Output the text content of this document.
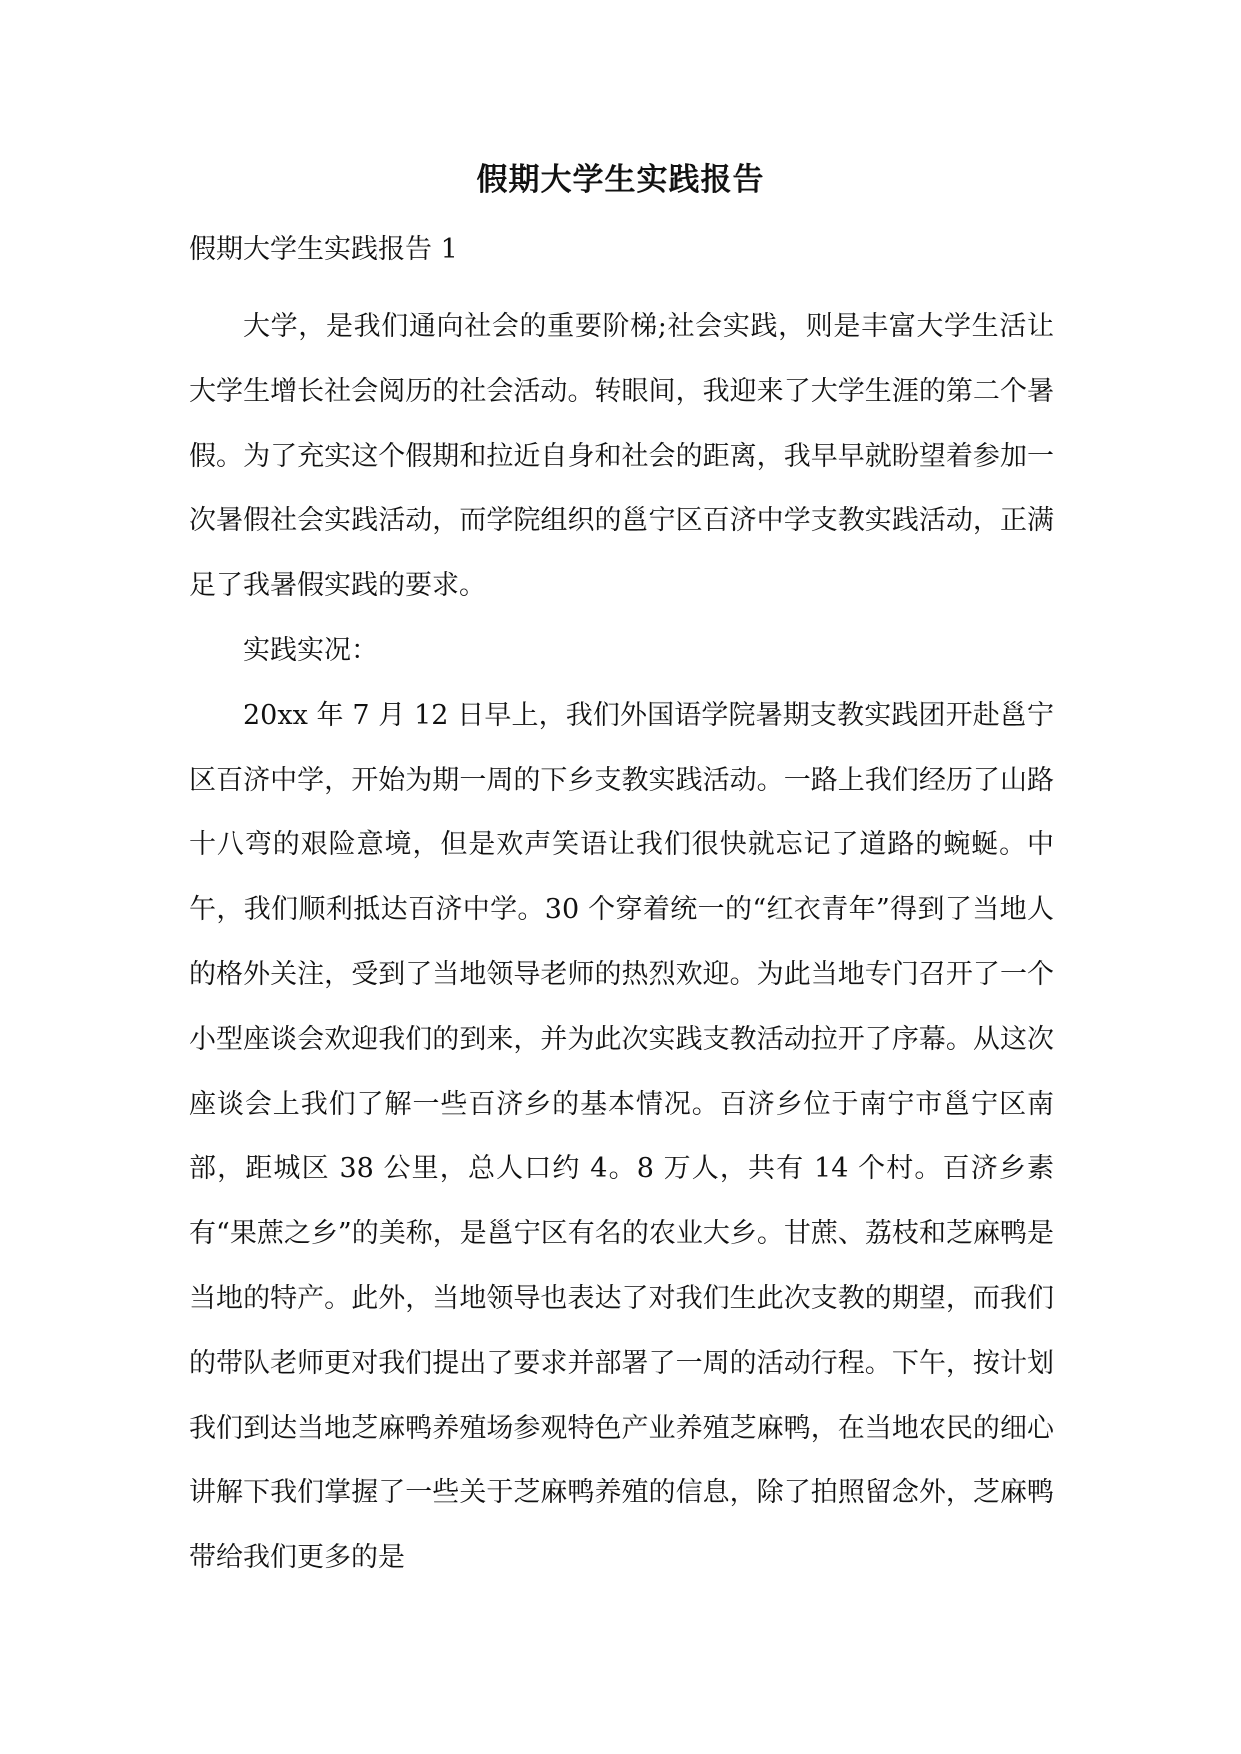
假期大学生实践报告
假期大学生实践报告 1

大学，是我们通向社会的重要阶梯;社会实践，则是丰富大学生活让大学生增长社会阅历的社会活动。转眼间，我迎来了大学生涯的第二个暑假。为了充实这个假期和拉近自身和社会的距离，我早早就盼望着参加一次暑假社会实践活动，而学院组织的邕宁区百济中学支教实践活动，正满足了我暑假实践的要求。

实践实况：

20xx 年 7 月 12 日早上，我们外国语学院暑期支教实践团开赴邕宁区百济中学，开始为期一周的下乡支教实践活动。一路上我们经历了山路十八弯的艰险意境，但是欢声笑语让我们很快就忘记了道路的蜿蜒。中午，我们顺利抵达百济中学。30 个穿着统一的“红衣青年”得到了当地人的格外关注，受到了当地领导老师的热烈欢迎。为此当地专门召开了一个小型座谈会欢迎我们的到来，并为此次实践支教活动拉开了序幕。从这次座谈会上我们了解一些百济乡的基本情况。百济乡位于南宁市邕宁区南部，距城区 38 公里，总人口约 4。8 万人，共有 14 个村。百济乡素有“果蔗之乡”的美称，是邕宁区有名的农业大乡。甘蔗、荔枝和芝麻鸭是当地的特产。此外，当地领导也表达了对我们生此次支教的期望，而我们的带队老师更对我们提出了要求并部署了一周的活动行程。下午，按计划我们到达当地芝麻鸭养殖场参观特色产业养殖芝麻鸭，在当地农民的细心讲解下我们掌握了一些关于芝麻鸭养殖的信息，除了拍照留念外，芝麻鸭带给我们更多的是
